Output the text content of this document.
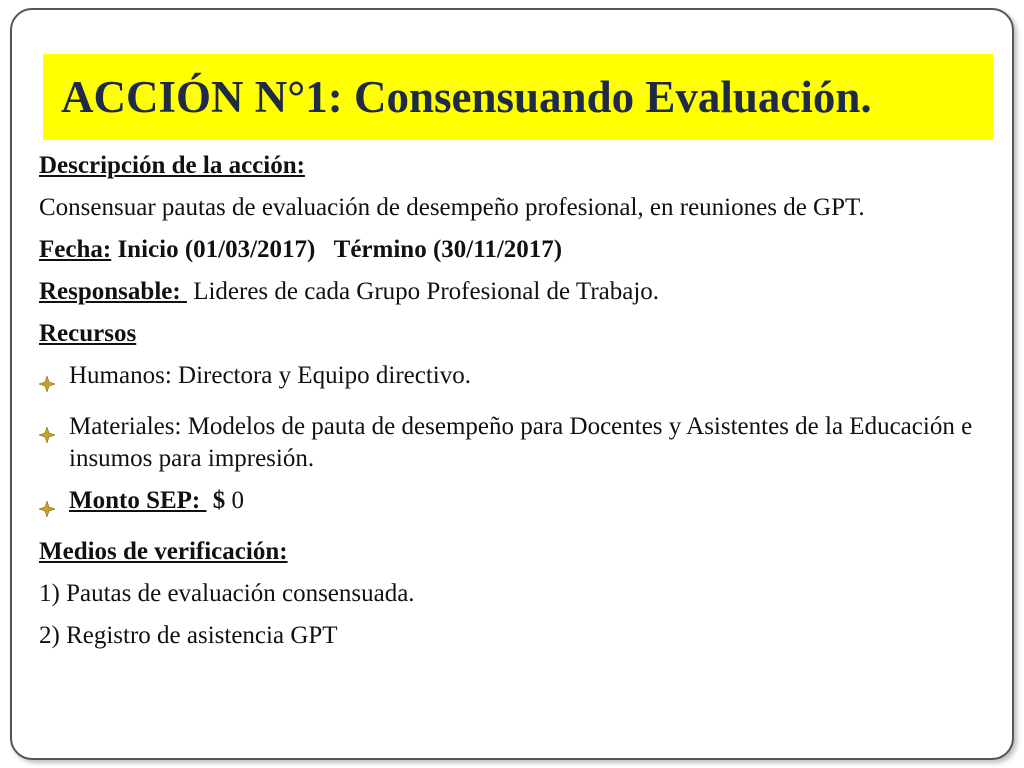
ACCIÓN N°1: Consensuando Evaluación.

Descripción de la acción:

Consensuar pautas de evaluación de desempeño profesional, en reuniones de GPT.

Fecha: Inicio (01/03/2017)   Término (30/11/2017)

Responsable:  Lideres de cada Grupo Profesional de Trabajo.

Recursos

Humanos: Directora y Equipo directivo.
Materiales: Modelos de pauta de desempeño para Docentes y Asistentes de la Educación e insumos para impresión.
Monto SEP:  $ 0

Medios de verificación:

1) Pautas de evaluación consensuada.

2) Registro de asistencia GPT
